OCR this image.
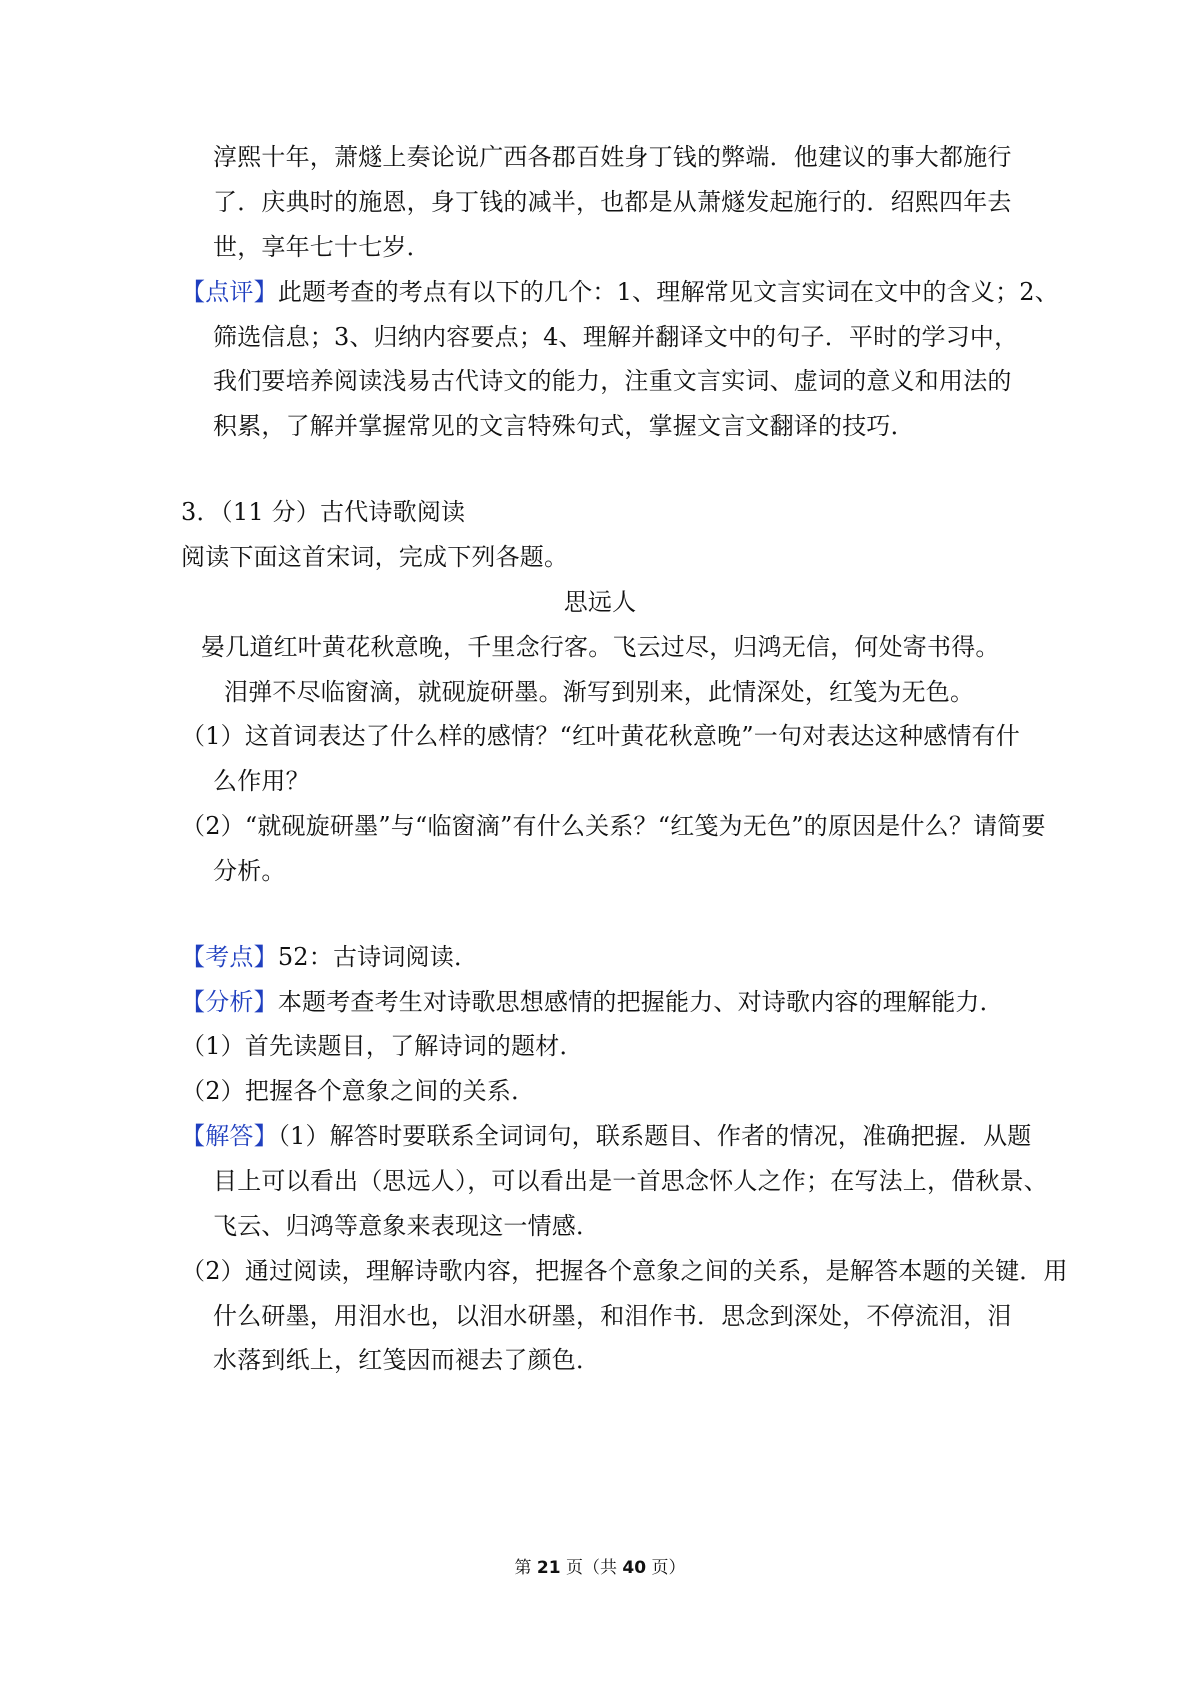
淳熙十年，萧燧上奏论说广西各郡百姓身丁钱的弊端．他建议的事大都施行
了．庆典时的施恩，身丁钱的减半，也都是从萧燧发起施行的．绍熙四年去
世，享年七十七岁．
【点评】此题考查的考点有以下的几个：1、理解常见文言实词在文中的含义；2、
筛选信息；3、归纳内容要点；4、理解并翻译文中的句子．平时的学习中，
我们要培养阅读浅易古代诗文的能力，注重文言实词、虚词的意义和用法的
积累，了解并掌握常见的文言特殊句式，掌握文言文翻译的技巧．
3．（11 分）古代诗歌阅读
阅读下面这首宋词，完成下列各题。
思远人
晏几道红叶黄花秋意晚，千里念行客。飞云过尽，归鸿无信，何处寄书得。
泪弹不尽临窗滴，就砚旋研墨。渐写到别来，此情深处，红笺为无色。
（1）这首词表达了什么样的感情？“红叶黄花秋意晚”一句对表达这种感情有什
么作用？
（2）“就砚旋研墨”与“临窗滴”有什么关系？“红笺为无色”的原因是什么？请简要
分析。
【考点】52：古诗词阅读．
【分析】本题考查考生对诗歌思想感情的把握能力、对诗歌内容的理解能力．
（1）首先读题目，了解诗词的题材．
（2）把握各个意象之间的关系．
【解答】（1）解答时要联系全词词句，联系题目、作者的情况，准确把握．从题
目上可以看出（思远人），可以看出是一首思念怀人之作；在写法上，借秋景、
飞云、归鸿等意象来表现这一情感．
（2）通过阅读，理解诗歌内容，把握各个意象之间的关系，是解答本题的关键．用
什么研墨，用泪水也，以泪水研墨，和泪作书．思念到深处，不停流泪，泪
水落到纸上，红笺因而褪去了颜色．
第 21 页（共 40 页）
